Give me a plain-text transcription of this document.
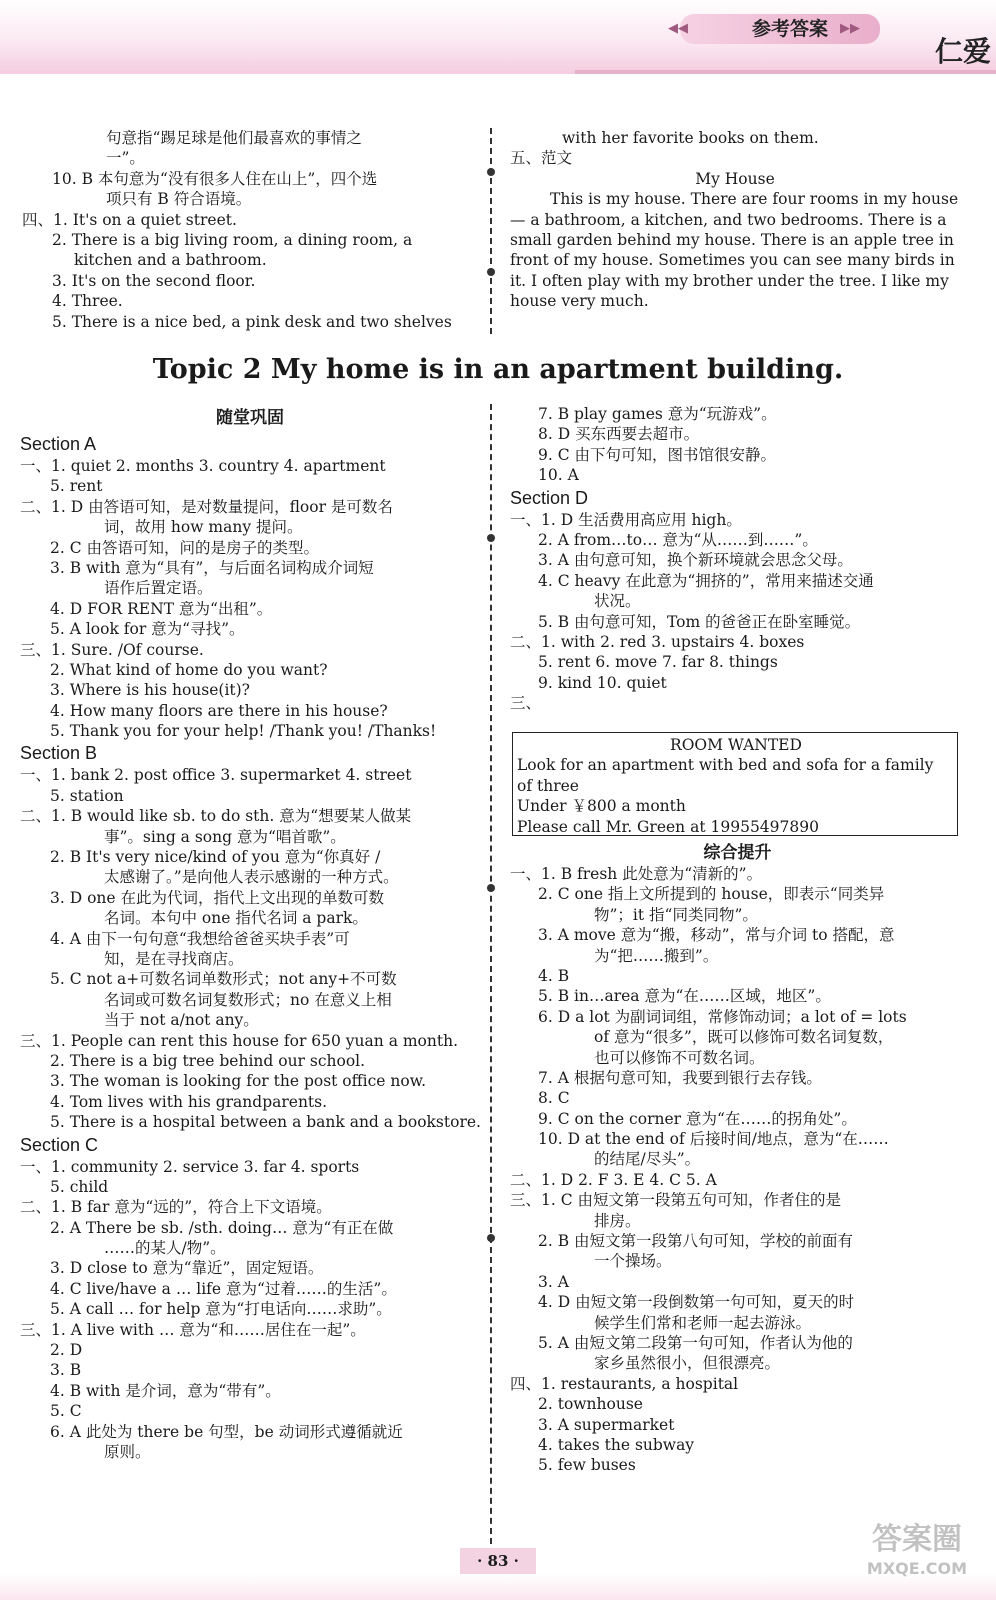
◀◀	参考答案 ▶▶
仁爱
句意指“踢足球是他们最喜欢的事情之
一”。
10. B 本句意为“没有很多人住在山上”，四个选
项只有 B 符合语境。
四、1. It's on a quiet street.
2. There is a big living room, a dining room, a
kitchen and a bathroom.
3. It's on the second floor.
4. Three.
5. There is a nice bed, a pink desk and two shelves
with her favorite books on them.
五、范文
My House
This is my house. There are four rooms in my house
— a bathroom, a kitchen, and two bedrooms. There is a
small garden behind my house. There is an apple tree in
front of my house. Sometimes you can see many birds in
it. I often play with my brother under the tree. I like my
house very much.
Topic 2 My home is in an apartment building.
随堂巩固
Section A
一、1. quiet 2. months 3. country 4. apartment
5. rent
二、1. D 由答语可知，是对数量提问，floor 是可数名
词，故用 how many 提问。
2. C 由答语可知，问的是房子的类型。
3. B with 意为“具有”，与后面名词构成介词短
语作后置定语。
4. D FOR RENT 意为“出租”。
5. A look for 意为“寻找”。
三、1. Sure. /Of course.
2. What kind of home do you want?
3. Where is his house(it)?
4. How many floors are there in his house?
5. Thank you for your help! /Thank you! /Thanks!
Section B
一、1. bank 2. post office 3. supermarket 4. street
5. station
二、1. B would like sb. to do sth. 意为“想要某人做某
事”。sing a song 意为“唱首歌”。
2. B It's very nice/kind of you 意为“你真好 /
太感谢了。”是向他人表示感谢的一种方式。
3. D one 在此为代词，指代上文出现的单数可数
名词。本句中 one 指代名词 a park。
4. A 由下一句句意“我想给爸爸买块手表”可
知，是在寻找商店。
5. C not a+可数名词单数形式；not any+不可数
名词或可数名词复数形式；no 在意义上相
当于 not a/not any。
三、1. People can rent this house for 650 yuan a month.
2. There is a big tree behind our school.
3. The woman is looking for the post office now.
4. Tom lives with his grandparents.
5. There is a hospital between a bank and a bookstore.
Section C
一、1. community 2. service 3. far 4. sports
5. child
二、1. B far 意为“远的”，符合上下文语境。
2. A There be sb. /sth. doing… 意为“有正在做
……的某人/物”。
3. D close to 意为“靠近”，固定短语。
4. C live/have a … life 意为“过着……的生活”。
5. A call … for help 意为“打电话向……求助”。
三、1. A live with … 意为“和……居住在一起”。
2. D
3. B
4. B with 是介词，意为“带有”。
5. C
6. A 此处为 there be 句型，be 动词形式遵循就近
原则。
7. B play games 意为“玩游戏”。
8. D 买东西要去超市。
9. C 由下句可知，图书馆很安静。
10. A
Section D
一、1. D 生活费用高应用 high。
2. A from…to… 意为“从……到……”。
3. A 由句意可知，换个新环境就会思念父母。
4. C heavy 在此意为“拥挤的”，常用来描述交通
状况。
5. B 由句意可知，Tom 的爸爸正在卧室睡觉。
二、1. with 2. red 3. upstairs 4. boxes
5. rent 6. move 7. far 8. things
9. kind 10. quiet
三、
ROOM WANTED
Look for an apartment with bed and sofa for a family
of three
Under ￥800 a month
Please call Mr. Green at 19955497890
综合提升
一、1. B fresh 此处意为“清新的”。
2. C one 指上文所提到的 house，即表示“同类异
物”；it 指“同类同物”。
3. A move 意为“搬，移动”，常与介词 to 搭配，意
为“把……搬到”。
4. B
5. B in…area 意为“在……区域，地区”。
6. D a lot 为副词词组，常修饰动词；a lot of = lots
of 意为“很多”，既可以修饰可数名词复数，
也可以修饰不可数名词。
7. A 根据句意可知，我要到银行去存钱。
8. C
9. C on the corner 意为“在……的拐角处”。
10. D at the end of 后接时间/地点，意为“在……
的结尾/尽头”。
二、1. D 2. F 3. E 4. C 5. A
三、1. C 由短文第一段第五句可知，作者住的是
排房。
2. B 由短文第一段第八句可知，学校的前面有
一个操场。
3. A
4. D 由短文第一段倒数第一句可知，夏天的时
候学生们常和老师一起去游泳。
5. A 由短文第二段第一句可知，作者认为他的
家乡虽然很小，但很漂亮。
四、1. restaurants, a hospital
2. townhouse
3. A supermarket
4. takes the subway
5. few buses
· 83 ·
答案圈
MXQE.COM
